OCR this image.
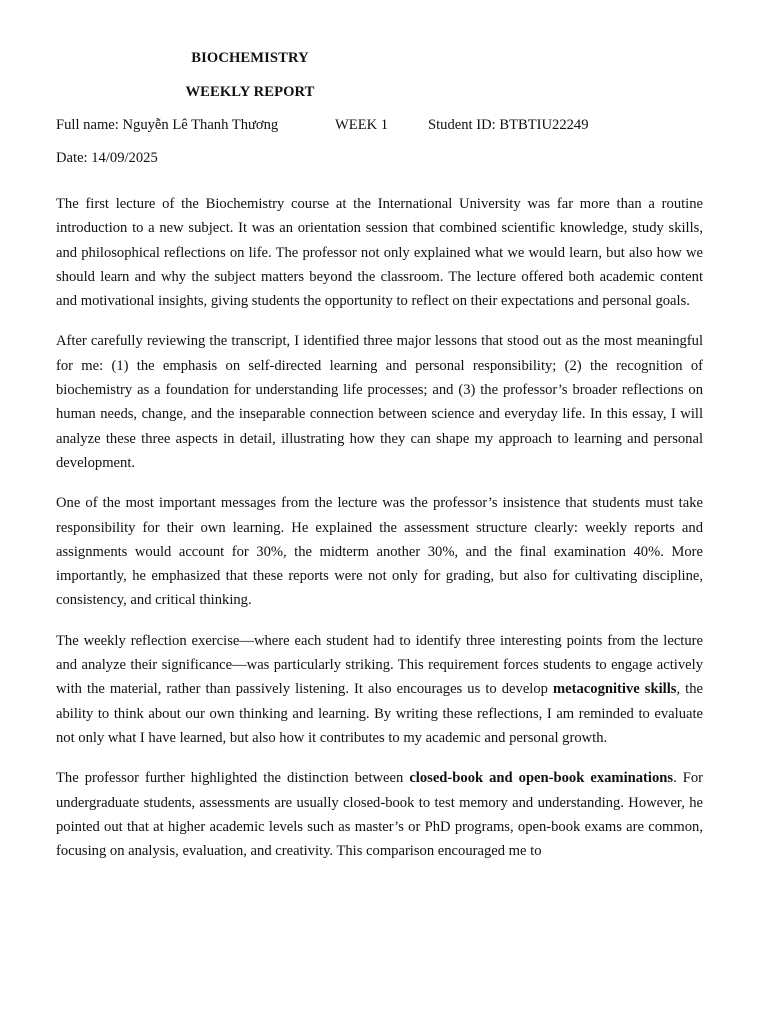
BIOCHEMISTRY
WEEKLY REPORT
Full name: Nguyễn Lê Thanh Thương	WEEK 1	Student ID: BTBTIU22249
Date: 14/09/2025

The first lecture of the Biochemistry course at the International University was far more than a routine introduction to a new subject. It was an orientation session that combined scientific knowledge, study skills, and philosophical reflections on life. The professor not only explained what we would learn, but also how we should learn and why the subject matters beyond the classroom. The lecture offered both academic content and motivational insights, giving students the opportunity to reflect on their expectations and personal goals.

After carefully reviewing the transcript, I identified three major lessons that stood out as the most meaningful for me: (1) the emphasis on self-directed learning and personal responsibility; (2) the recognition of biochemistry as a foundation for understanding life processes; and (3) the professor’s broader reflections on human needs, change, and the inseparable connection between science and everyday life. In this essay, I will analyze these three aspects in detail, illustrating how they can shape my approach to learning and personal development.

One of the most important messages from the lecture was the professor’s insistence that students must take responsibility for their own learning. He explained the assessment structure clearly: weekly reports and assignments would account for 30%, the midterm another 30%, and the final examination 40%. More importantly, he emphasized that these reports were not only for grading, but also for cultivating discipline, consistency, and critical thinking.

The weekly reflection exercise—where each student had to identify three interesting points from the lecture and analyze their significance—was particularly striking. This requirement forces students to engage actively with the material, rather than passively listening. It also encourages us to develop metacognitive skills, the ability to think about our own thinking and learning. By writing these reflections, I am reminded to evaluate not only what I have learned, but also how it contributes to my academic and personal growth.

The professor further highlighted the distinction between closed-book and open-book examinations. For undergraduate students, assessments are usually closed-book to test memory and understanding. However, he pointed out that at higher academic levels such as master’s or PhD programs, open-book exams are common, focusing on analysis, evaluation, and creativity. This comparison encouraged me to
